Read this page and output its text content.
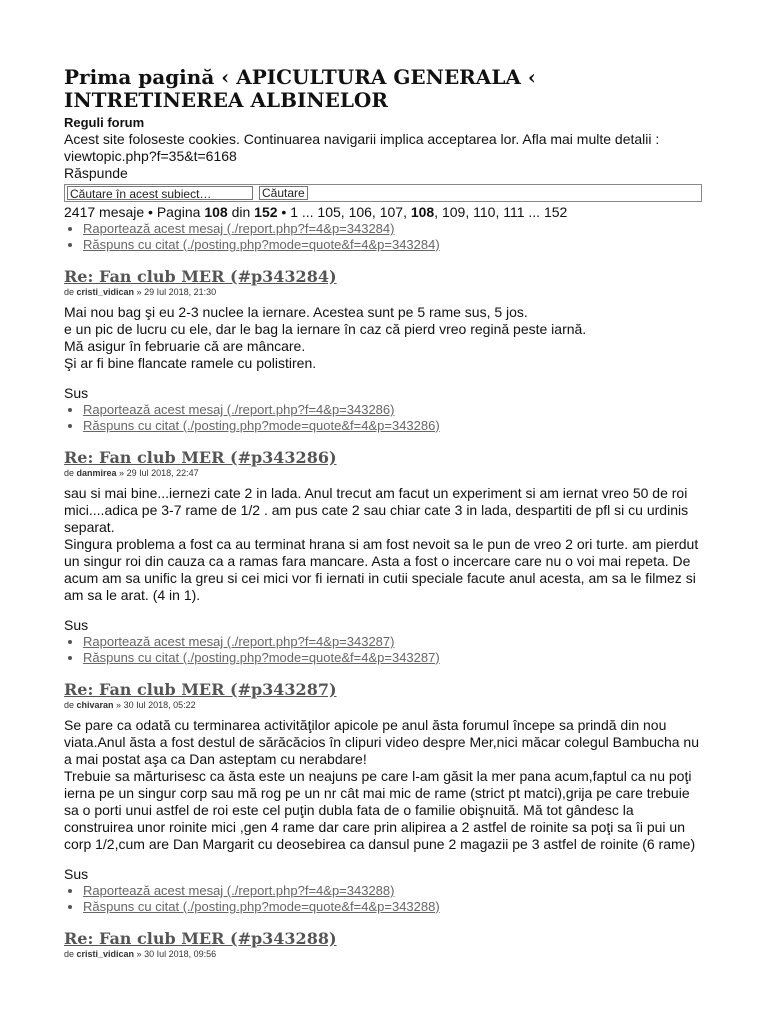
Prima pagină ‹ APICULTURA GENERALA ‹ INTRETINEREA ALBINELOR
Reguli forum
Acest site foloseste cookies. Continuarea navigarii implica acceptarea lor. Afla mai multe detalii :
viewtopic.php?f=35&t=6168
Răspunde
Căutare în acest subiect…	Căutare
2417 mesaje • Pagina 108 din 152 • 1 ... 105, 106, 107, 108, 109, 110, 111 ... 152
• Raportează acest mesaj (./report.php?f=4&p=343284)
• Răspuns cu citat (./posting.php?mode=quote&f=4&p=343284)
Re: Fan club MER (#p343284)
de cristi_vidican » 29 Iul 2018, 21:30

Mai nou bag şi eu 2-3 nuclee la iernare. Acestea sunt pe 5 rame sus, 5 jos.

e un pic de lucru cu ele, dar le bag la iernare în caz că pierd vreo regină peste iarnă.

Mă asigur în februarie că are mâncare.

Şi ar fi bine flancate ramele cu polistiren.

Sus
• Raportează acest mesaj (./report.php?f=4&p=343286)
• Răspuns cu citat (./posting.php?mode=quote&f=4&p=343286)
Re: Fan club MER (#p343286)
de danmirea » 29 Iul 2018, 22:47

sau si mai bine...iernezi cate 2 in lada. Anul trecut am facut un experiment si am iernat vreo 50 de roi mici....adica pe 3-7 rame de 1/2 . am pus cate 2 sau chiar cate 3 in lada, despartiti de pfl si cu urdinis separat.

Singura problema a fost ca au terminat hrana si am fost nevoit sa le pun de vreo 2 ori turte. am pierdut un singur roi din cauza ca a ramas fara mancare. Asta a fost o incercare care nu o voi mai repeta. De acum am sa unific la greu si cei mici vor fi iernati in cutii speciale facute anul acesta, am sa le filmez si am sa le arat. (4 in 1).

Sus
• Raportează acest mesaj (./report.php?f=4&p=343287)
• Răspuns cu citat (./posting.php?mode=quote&f=4&p=343287)
Re: Fan club MER (#p343287)
de chivaran » 30 Iul 2018, 05:22

Se pare ca odată cu terminarea activităţilor apicole pe anul ăsta forumul începe sa prindă din nou viata.Anul ăsta a fost destul de sărăcăcios în clipuri video despre Mer,nici măcar colegul Bambucha nu a mai postat aşa ca Dan asteptam cu nerabdare!

Trebuie sa mărturisesc ca ăsta este un neajuns pe care l-am găsit la mer pana acum,faptul ca nu poţi ierna pe un singur corp sau mă rog pe un nr cât mai mic de rame (strict pt matci),grija pe care trebuie sa o porti unui astfel de roi este cel puţin dubla fata de o familie obişnuită. Mă tot gândesc la construirea unor roinite mici ,gen 4 rame dar care prin alipirea a 2 astfel de roinite sa poţi sa îi pui un corp 1/2,cum are Dan Margarit cu deosebirea ca dansul pune 2 magazii pe 3 astfel de roinite (6 rame)

Sus
• Raportează acest mesaj (./report.php?f=4&p=343288)
• Răspuns cu citat (./posting.php?mode=quote&f=4&p=343288)
Re: Fan club MER (#p343288)
de cristi_vidican » 30 Iul 2018, 09:56
